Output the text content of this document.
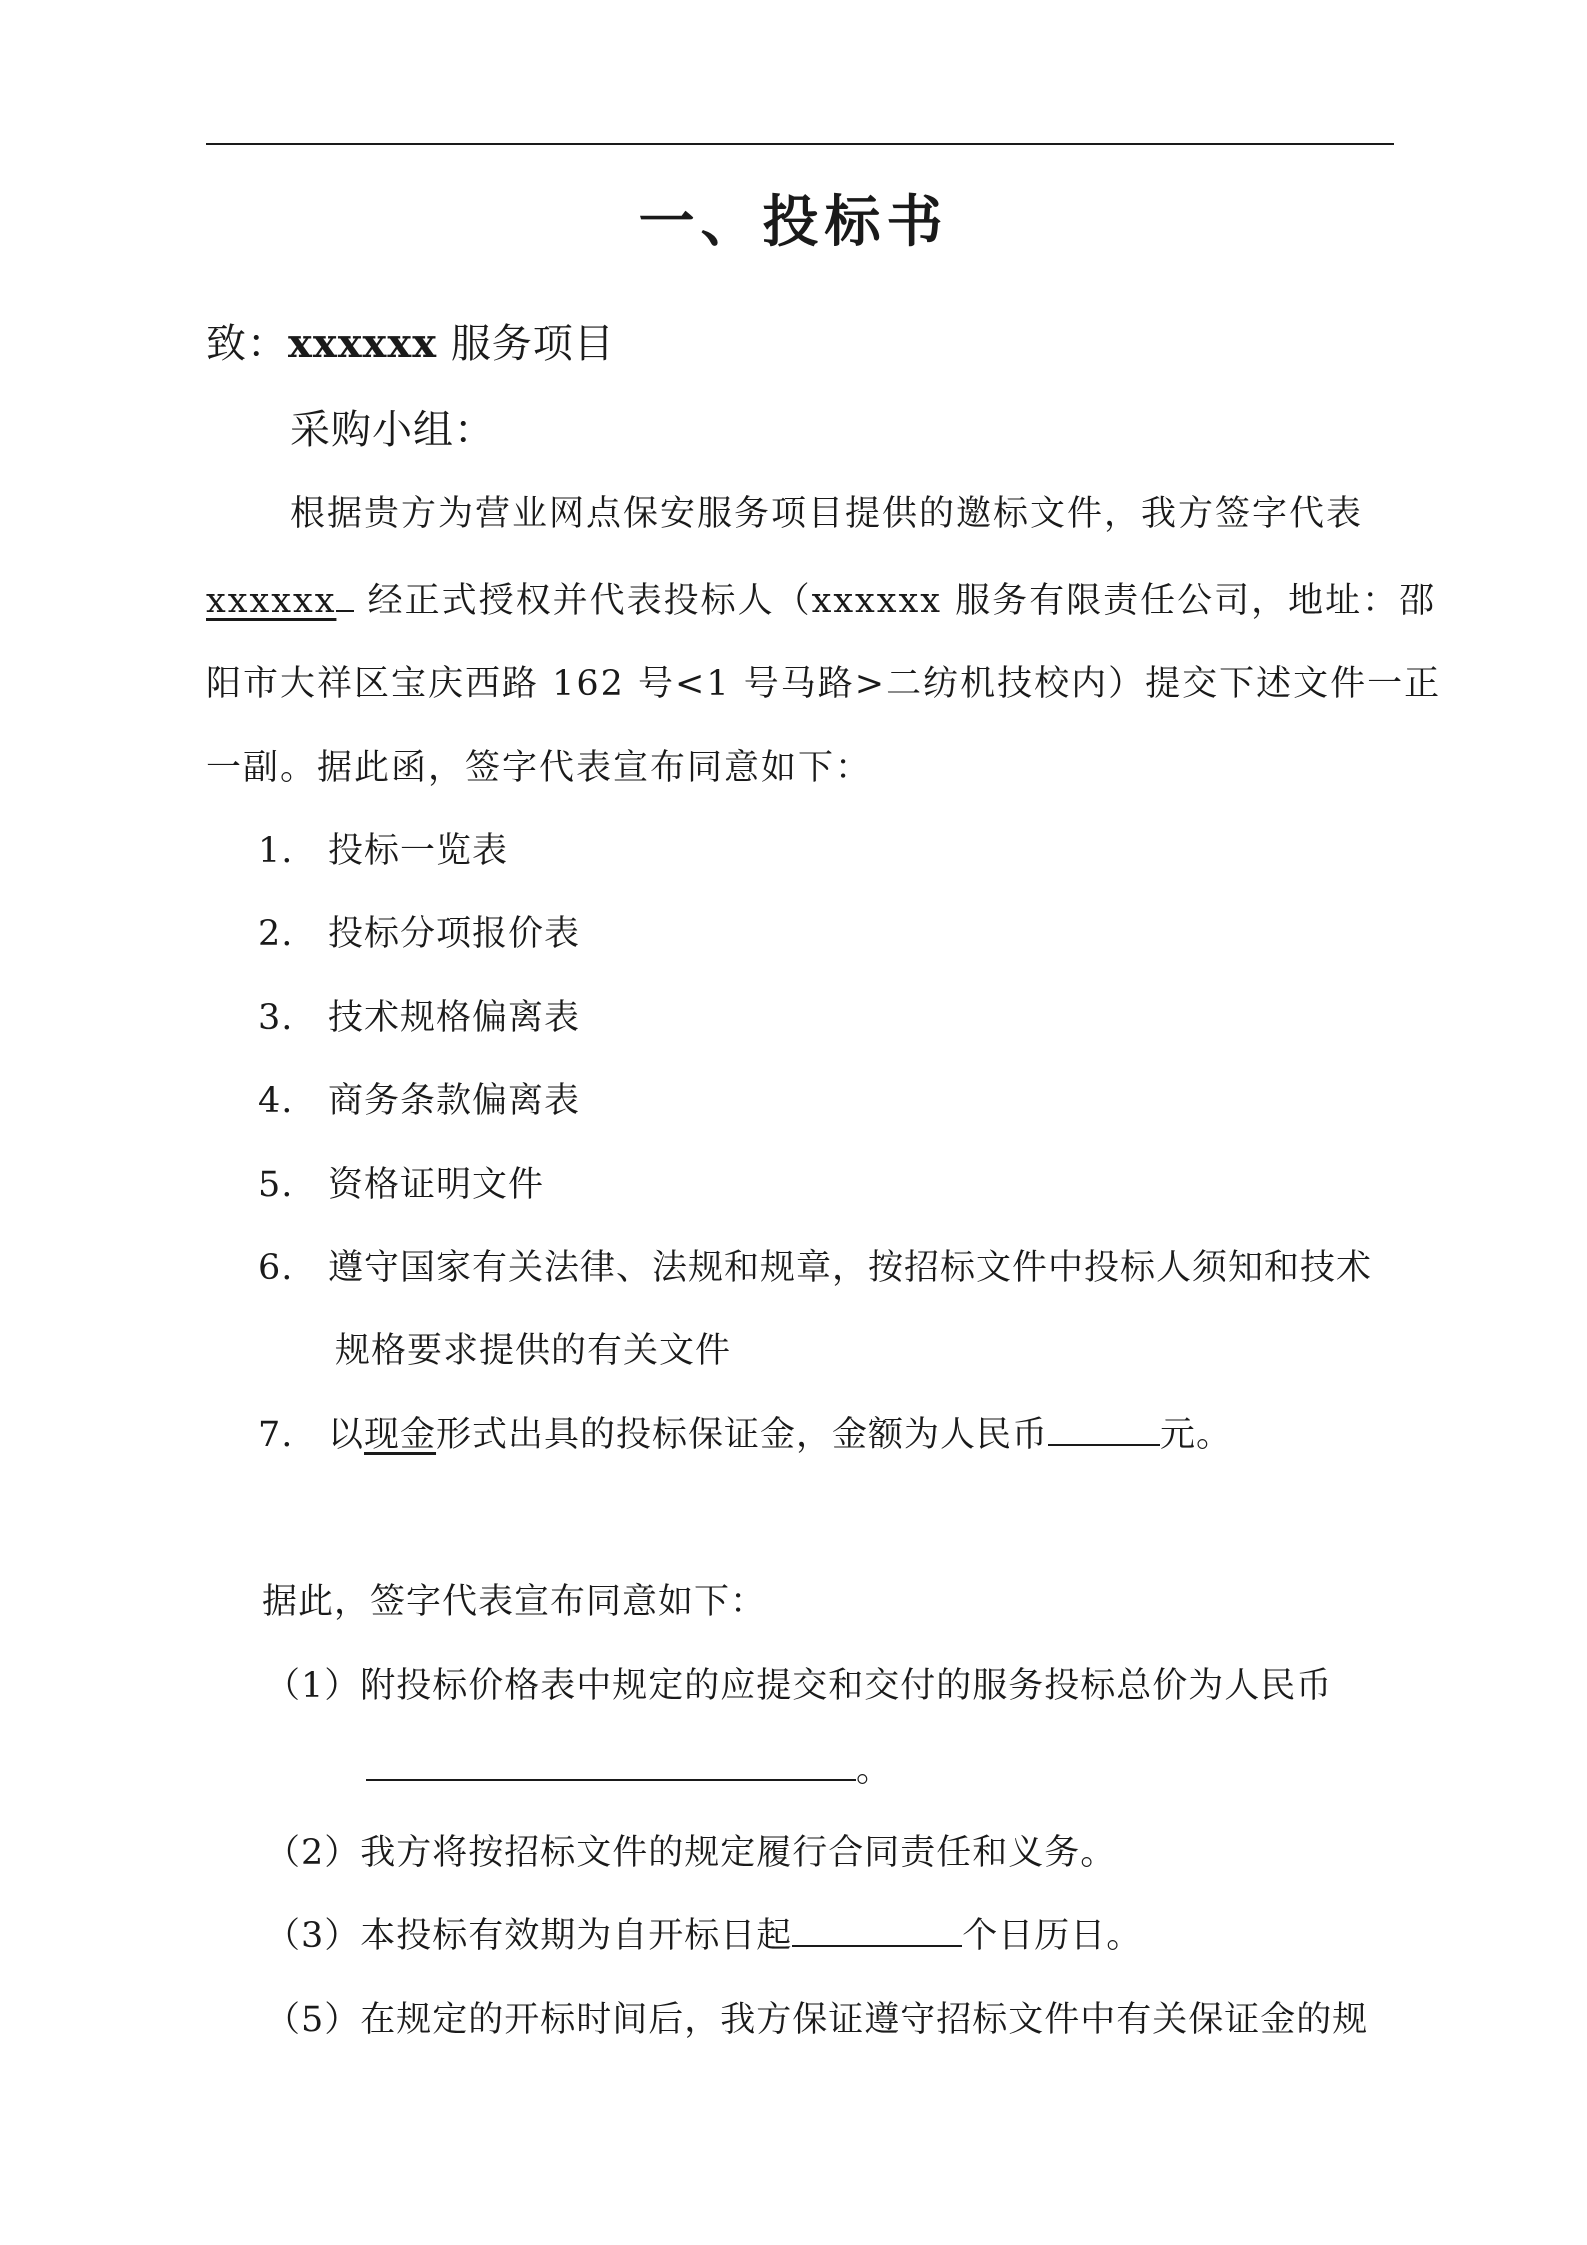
一、投标书
致：xxxxxx 服务项目
采购小组：
根据贵方为营业网点保安服务项目提供的邀标文件，我方签字代表
xxxxxx 经正式授权并代表投标人（xxxxxx 服务有限责任公司，地址：邵
阳市大祥区宝庆西路 162 号<1 号马路>二纺机技校内）提交下述文件一正
一副。据此函，签字代表宣布同意如下：
1. 投标一览表
2. 投标分项报价表
3. 技术规格偏离表
4. 商务条款偏离表
5. 资格证明文件
6. 遵守国家有关法律、法规和规章，按招标文件中投标人须知和技术
规格要求提供的有关文件
7. 以现金形式出具的投标保证金，金额为人民币	元。
据此，签字代表宣布同意如下：
（1）附投标价格表中规定的应提交和交付的服务投标总价为人民币
。
（2）我方将按招标文件的规定履行合同责任和义务。
（3）本投标有效期为自开标日起	个日历日。
（5）在规定的开标时间后，我方保证遵守招标文件中有关保证金的规
